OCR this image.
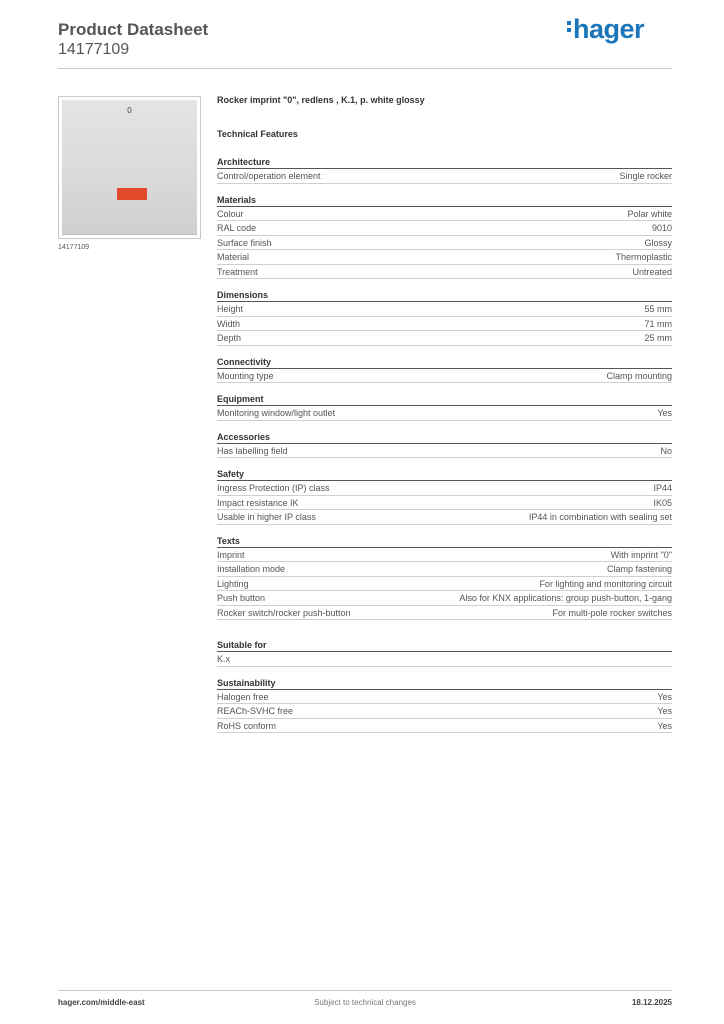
Product Datasheet
14177109
hager
0
14177109
Rocker imprint "0", redlens , K.1, p. white glossy
Technical Features
Architecture
Control/operation element	Single rocker
Materials
Colour	Polar white
RAL code	9010
Surface finish	Glossy
Material	Thermoplastic
Treatment	Untreated
Dimensions
Height	55 mm
Width	71 mm
Depth	25 mm
Connectivity
Mounting type	Clamp mounting
Equipment
Monitoring window/light outlet	Yes
Accessories
Has labelling field	No
Safety
Ingress Protection (IP) class	IP44
Impact resistance IK	IK05
Usable in higher IP class	IP44 in combination with sealing set
Texts
Imprint	With imprint "0"
Installation mode	Clamp fastening
Lighting	For lighting and monitoring circuit
Push button	Also for KNX applications: group push-button, 1-gang
Rocker switch/rocker push-button	For multi-pole rocker switches
Suitable for
K.x
Sustainability
Halogen free	Yes
REACh-SVHC free	Yes
RoHS conform	Yes
hager.com/middle-east	Subject to technical changes	18.12.2025
